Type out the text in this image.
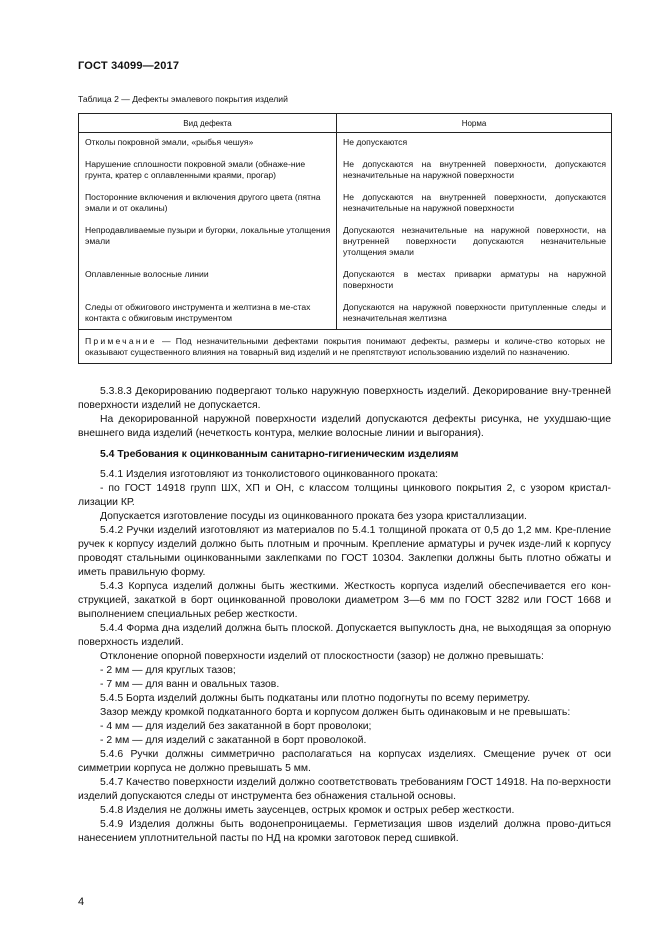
ГОСТ 34099—2017
Таблица 2 — Дефекты эмалевого покрытия изделий
Вид дефекта	Норма
Отколы покровной эмали, «рыбья чешуя»	Не допускаются
Нарушение сплошности покровной эмали (обнаже-ние грунта, кратер с оплавленными краями, прогар)	Не допускаются на внутренней поверхности, допускаются незначительные на наружной поверхности
Посторонние включения и включения другого цвета (пятна эмали и от окалины)	Не допускаются на внутренней поверхности, допускаются незначительные на наружной поверхности
Непродавливаемые пузыри и бугорки, локальные утолщения эмали	Допускаются незначительные на наружной поверхности, на внутренней поверхности допускаются незначительные утолщения эмали
Оплавленные волосные линии	Допускаются в местах приварки арматуры на наружной поверхности
Следы от обжигового инструмента и желтизна в ме-стах контакта с обжиговым инструментом	Допускаются на наружной поверхности притупленные следы и незначительная желтизна
Примечание — Под незначительными дефектами покрытия понимают дефекты, размеры и количе-ство которых не оказывают существенного влияния на товарный вид изделий и не препятствуют использованию изделий по назначению.	

5.3.8.3 Декорированию подвергают только наружную поверхность изделий. Декорирование вну-тренней поверхности изделий не допускается.

На декорированной наружной поверхности изделий допускаются дефекты рисунка, не ухудшаю-щие внешнего вида изделий (нечеткость контура, мелкие волосные линии и выгорания).

5.4 Требования к оцинкованным санитарно-гигиеническим изделиям

5.4.1 Изделия изготовляют из тонколистового оцинкованного проката:

- по ГОСТ 14918 групп ШХ, ХП и ОН, с классом толщины цинкового покрытия 2, с узором кристал-лизации КР.

Допускается изготовление посуды из оцинкованного проката без узора кристаллизации.

5.4.2 Ручки изделий изготовляют из материалов по 5.4.1 толщиной проката от 0,5 до 1,2 мм. Кре-пление ручек к корпусу изделий должно быть плотным и прочным. Крепление арматуры и ручек изде-лий к корпусу проводят стальными оцинкованными заклепками по ГОСТ 10304. Заклепки должны быть плотно обжаты и иметь правильную форму.

5.4.3 Корпуса изделий должны быть жесткими. Жесткость корпуса изделий обеспечивается его кон-струкцией, закаткой в борт оцинкованной проволоки диаметром 3—6 мм по ГОСТ 3282 или ГОСТ 1668 и выполнением специальных ребер жесткости.

5.4.4 Форма дна изделий должна быть плоской. Допускается выпуклость дна, не выходящая за опорную поверхность изделий.

Отклонение опорной поверхности изделий от плоскостности (зазор) не должно превышать:

- 2 мм — для круглых тазов;

- 7 мм — для ванн и овальных тазов.

5.4.5 Борта изделий должны быть подкатаны или плотно подогнуты по всему периметру.

Зазор между кромкой подкатанного борта и корпусом должен быть одинаковым и не превышать:

- 4 мм — для изделий без закатанной в борт проволоки;

- 2 мм — для изделий с закатанной в борт проволокой.

5.4.6 Ручки должны симметрично располагаться на корпусах изделиях. Смещение ручек от оси симметрии корпуса не должно превышать 5 мм.

5.4.7 Качество поверхности изделий должно соответствовать требованиям ГОСТ 14918. На по-верхности изделий допускаются следы от инструмента без обнажения стальной основы.

5.4.8 Изделия не должны иметь заусенцев, острых кромок и острых ребер жесткости.

5.4.9 Изделия должны быть водонепроницаемы. Герметизация швов изделий должна прово-диться нанесением уплотнительной пасты по НД на кромки заготовок перед сшивкой.

4
